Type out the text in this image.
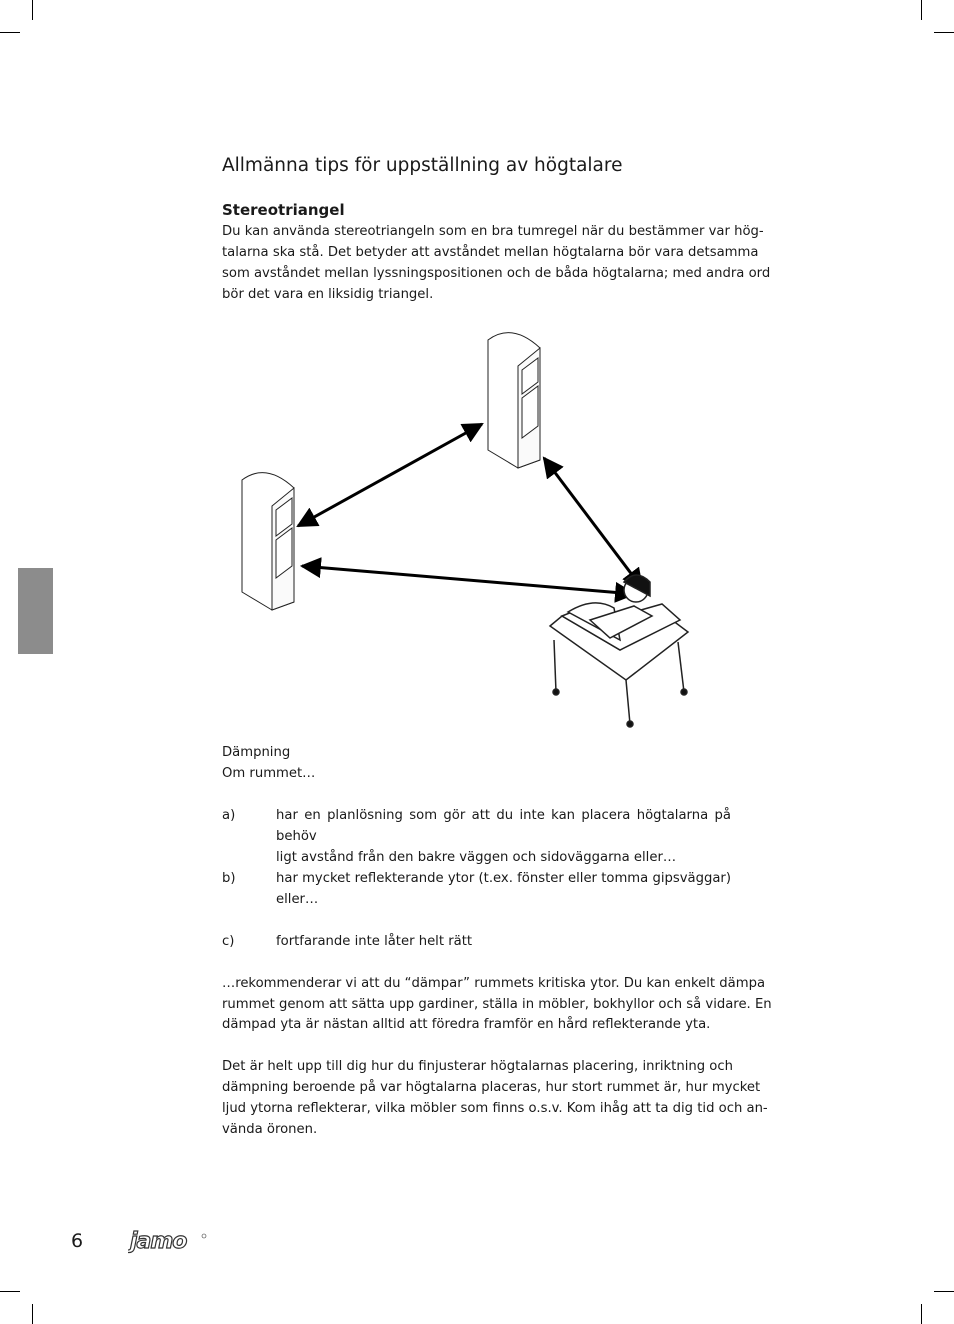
Allmänna tips för uppställning av högtalare
Stereotriangel
Du kan använda stereotriangeln som en bra tumregel när du bestämmer var hög-
talarna ska stå. Det betyder att avståndet mellan högtalarna bör vara detsamma
som avståndet mellan lyssningspositionen och de båda högtalarna; med andra ord
bör det vara en liksidig triangel.
Dämpning
Om rummet…
a)	har en planlösning som gör att du inte kan placera högtalarna på behöv
ligt avstånd från den bakre väggen och sidoväggarna eller…
b)	har mycket reflekterande ytor (t.ex. fönster eller tomma gipsväggar)
eller…
c)	fortfarande inte låter helt rätt
…rekommenderar vi att du “dämpar” rummets kritiska ytor. Du kan enkelt dämpa
rummet genom att sätta upp gardiner, ställa in möbler, bokhyllor och så vidare. En
dämpad yta är nästan alltid att föredra framför en hård reflekterande yta.
Det är helt upp till dig hur du finjusterar högtalarnas placering, inriktning och
dämpning beroende på var högtalarna placeras, hur stort rummet är, hur mycket
ljud ytorna reflekterar, vilka möbler som finns o.s.v. Kom ihåg att ta dig tid och an-
vända öronen.
6 jamo
